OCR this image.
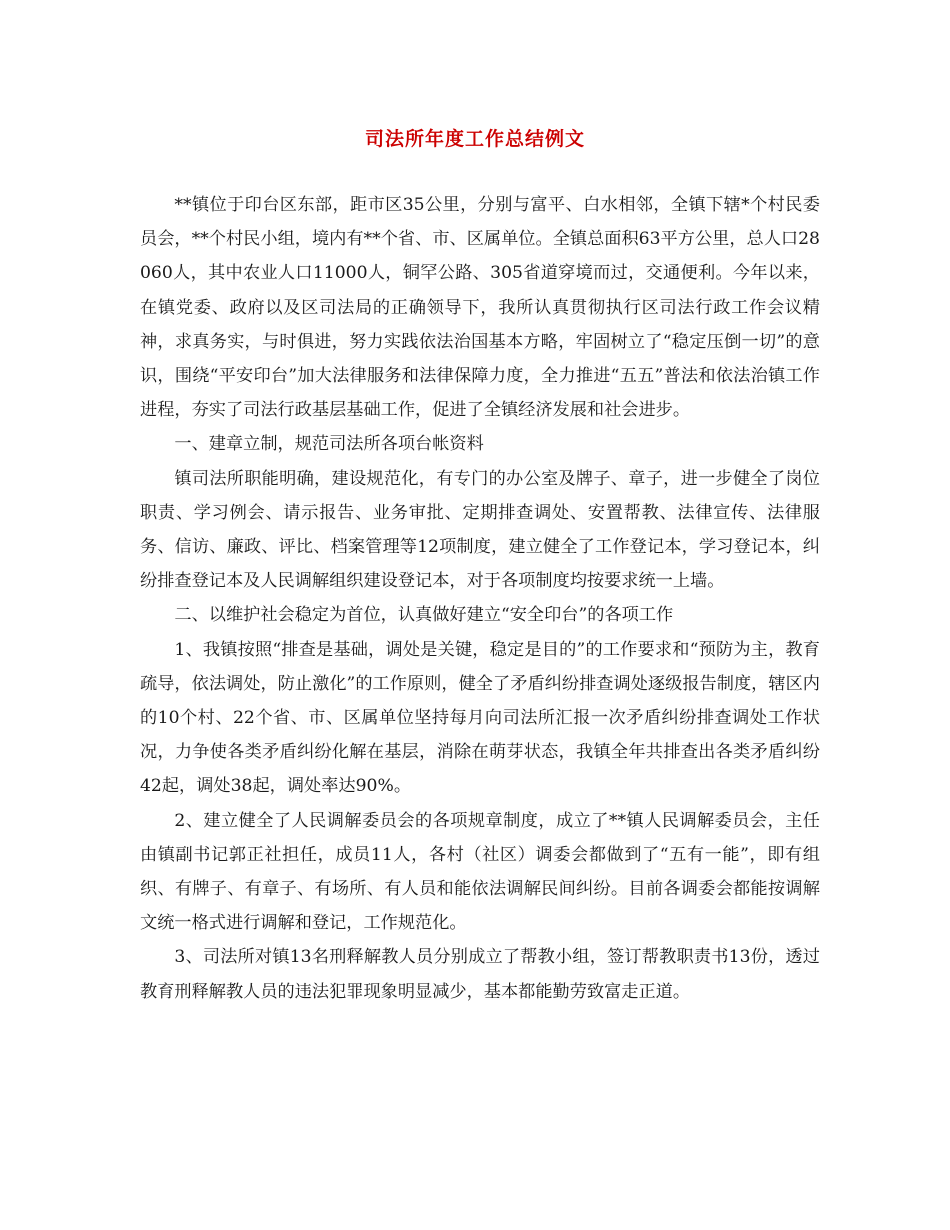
司法所年度工作总结例文

**镇位于印台区东部，距市区35公里，分别与富平、白水相邻，全镇下辖*个村民委员会，**个村民小组，境内有**个省、市、区属单位。全镇总面积63平方公里，总人口28060人，其中农业人口11000人，铜罕公路、305省道穿境而过，交通便利。今年以来，在镇党委、政府以及区司法局的正确领导下，我所认真贯彻执行区司法行政工作会议精神，求真务实，与时俱进，努力实践依法治国基本方略，牢固树立了“稳定压倒一切”的意识，围绕“平安印台”加大法律服务和法律保障力度，全力推进“五五”普法和依法治镇工作进程，夯实了司法行政基层基础工作，促进了全镇经济发展和社会进步。

一、建章立制，规范司法所各项台帐资料

镇司法所职能明确，建设规范化，有专门的办公室及牌子、章子，进一步健全了岗位职责、学习例会、请示报告、业务审批、定期排查调处、安置帮教、法律宣传、法律服务、信访、廉政、评比、档案管理等12项制度，建立健全了工作登记本，学习登记本，纠纷排查登记本及人民调解组织建设登记本，对于各项制度均按要求统一上墙。

二、以维护社会稳定为首位，认真做好建立“安全印台”的各项工作

1、我镇按照“排查是基础，调处是关键，稳定是目的”的工作要求和“预防为主，教育疏导，依法调处，防止激化”的工作原则，健全了矛盾纠纷排查调处逐级报告制度，辖区内的10个村、22个省、市、区属单位坚持每月向司法所汇报一次矛盾纠纷排查调处工作状况，力争使各类矛盾纠纷化解在基层，消除在萌芽状态，我镇全年共排查出各类矛盾纠纷42起，调处38起，调处率达90%。

2、建立健全了人民调解委员会的各项规章制度，成立了**镇人民调解委员会，主任由镇副书记郭正社担任，成员11人，各村（社区）调委会都做到了“五有一能”，即有组织、有牌子、有章子、有场所、有人员和能依法调解民间纠纷。目前各调委会都能按调解文统一格式进行调解和登记，工作规范化。

3、司法所对镇13名刑释解教人员分别成立了帮教小组，签订帮教职责书13份，透过教育刑释解教人员的违法犯罪现象明显减少，基本都能勤劳致富走正道。
